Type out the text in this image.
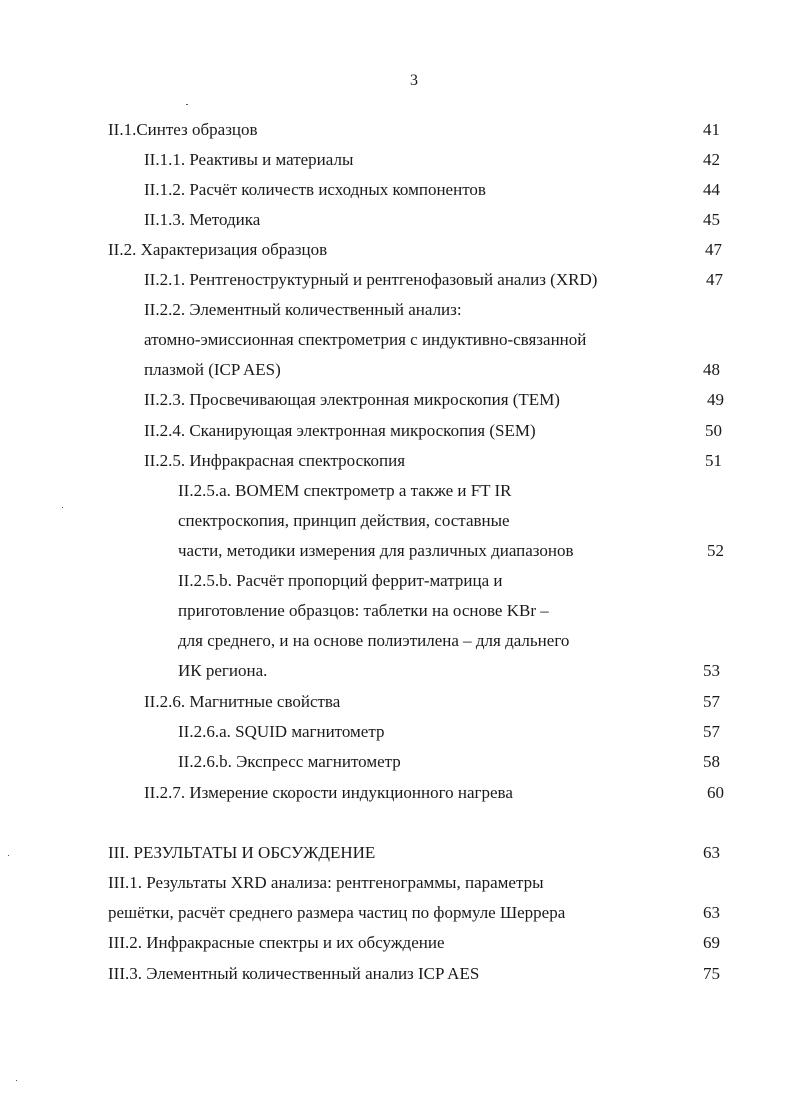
3
II.1.Синтез образцов	41
II.1.1. Реактивы и материалы	42
II.1.2. Расчёт количеств исходных компонентов	44
II.1.3. Методика	45
II.2. Характеризация образцов	47
II.2.1. Рентгеноструктурный и рентгенофазовый анализ (XRD)	47
II.2.2. Элементный количественный анализ:
атомно-эмиссионная спектрометрия с индуктивно-связанной
плазмой (ICP AES)	48
II.2.3. Просвечивающая электронная микроскопия (TEM)	49
II.2.4. Сканирующая электронная микроскопия (SEM)	50
II.2.5. Инфракрасная спектроскопия	51
II.2.5.a. BOMEM спектрометр а также и FT IR
спектроскопия, принцип действия, составные
части, методики измерения для различных диапазонов	52
II.2.5.b. Расчёт пропорций феррит-матрица и
приготовление образцов: таблетки на основе KBr –
для среднего, и на основе полиэтилена – для дальнего
ИК региона.	53
II.2.6. Магнитные свойства	57
II.2.6.a. SQUID магнитометр	57
II.2.6.b. Экспресс магнитометр	58
II.2.7. Измерение скорости индукционного нагрева	60
III. РЕЗУЛЬТАТЫ И ОБСУЖДЕНИЕ	63
III.1. Результаты XRD анализа: рентгенограммы, параметры
решётки, расчёт среднего размера частиц по формуле Шеррера	63
III.2. Инфракрасные спектры и их обсуждение	69
III.3. Элементный количественный анализ ICP AES	75
